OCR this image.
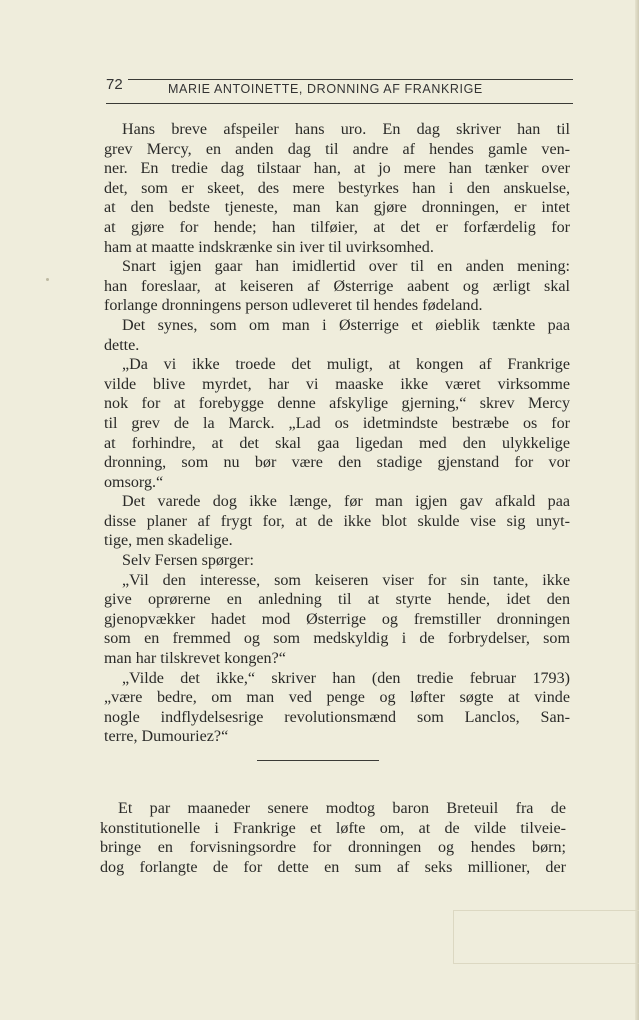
72	MARIE ANTOINETTE, DRONNING AF FRANKRIGE
Hans breve afspeiler hans uro. En dag skriver han til
grev Mercy, en anden dag til andre af hendes gamle ven-
ner. En tredie dag tilstaar han, at jo mere han tænker over
det, som er skeet, des mere bestyrkes han i den anskuelse,
at den bedste tjeneste, man kan gjøre dronningen, er intet
at gjøre for hende; han tilføier, at det er forfærdelig for
ham at maatte indskrænke sin iver til uvirksomhed.
Snart igjen gaar han imidlertid over til en anden mening:
han foreslaar, at keiseren af Østerrige aabent og ærligt skal
forlange dronningens person udleveret til hendes fødeland.
Det synes, som om man i Østerrige et øieblik tænkte paa
dette.
„Da vi ikke troede det muligt, at kongen af Frankrige
vilde blive myrdet, har vi maaske ikke været virksomme
nok for at forebygge denne afskylige gjerning,“ skrev Mercy
til grev de la Marck. „Lad os idetmindste bestræbe os for
at forhindre, at det skal gaa ligedan med den ulykkelige
dronning, som nu bør være den stadige gjenstand for vor
omsorg.“
Det varede dog ikke længe, før man igjen gav afkald paa
disse planer af frygt for, at de ikke blot skulde vise sig unyt-
tige, men skadelige.
Selv Fersen spørger:
„Vil den interesse, som keiseren viser for sin tante, ikke
give oprørerne en anledning til at styrte hende, idet den
gjenopvækker hadet mod Østerrige og fremstiller dronningen
som en fremmed og som medskyldig i de forbrydelser, som
man har tilskrevet kongen?“
„Vilde det ikke,“ skriver han (den tredie februar 1793)
„være bedre, om man ved penge og løfter søgte at vinde
nogle indflydelsesrige revolutionsmænd som Lanclos, San-
terre, Dumouriez?“
Et par maaneder senere modtog baron Breteuil fra de
konstitutionelle i Frankrige et løfte om, at de vilde tilveie-
bringe en forvisningsordre for dronningen og hendes børn;
dog forlangte de for dette en sum af seks millioner, der
